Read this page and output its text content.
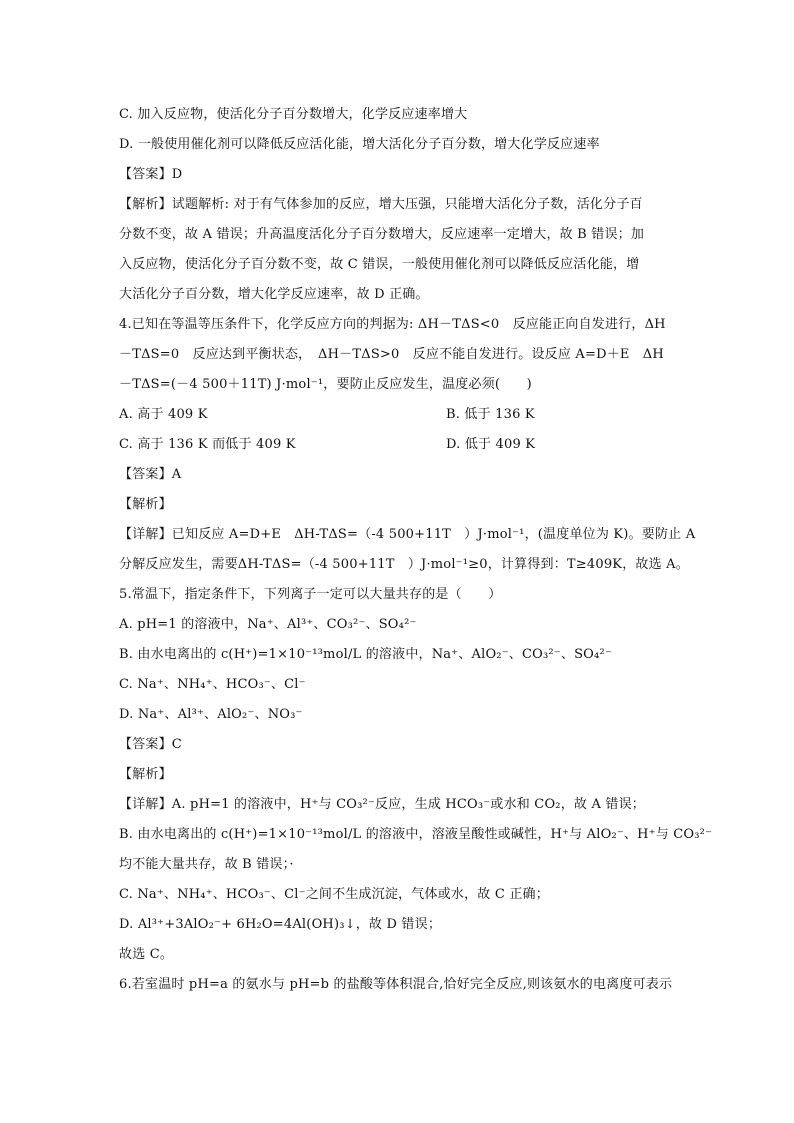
C. 加入反应物，使活化分子百分数增大，化学反应速率增大
D. 一般使用催化剂可以降低反应活化能，增大活化分子百分数，增大化学反应速率
【答案】D
【解析】试题解析: 对于有气体参加的反应，增大压强，只能增大活化分子数，活化分子百
分数不变，故 A 错误；升高温度活化分子百分数增大，反应速率一定增大，故 B 错误；加
入反应物，使活化分子百分数不变，故 C 错误，一般使用催化剂可以降低反应活化能，增
大活化分子百分数，增大化学反应速率，故 D 正确。
4.已知在等温等压条件下，化学反应方向的判据为: ΔH－TΔS<0　反应能正向自发进行，ΔH
－TΔS=0　反应达到平衡状态，　ΔH－TΔS>0　反应不能自发进行。设反应 A=D＋E　ΔH
－TΔS=(－4 500＋11T) J·mol⁻¹，要防止反应发生，温度必须(　　)
A. 高于 409 K	B. 低于 136 K
C. 高于 136 K 而低于 409 K	D. 低于 409 K
【答案】A
【解析】
【详解】已知反应 A=D+E　ΔH-TΔS=（-4 500+11T　）J·mol⁻¹，(温度单位为 K)。要防止 A
分解反应发生，需要ΔH-TΔS=（-4 500+11T　）J·mol⁻¹≥0，计算得到：T≥409K，故选 A。
5.常温下，指定条件下，下列离子一定可以大量共存的是（　　）
A. pH=1 的溶液中，Na⁺、Al³⁺、CO₃²⁻、SO₄²⁻
B. 由水电离出的 c(H⁺)=1×10⁻¹³mol/L 的溶液中，Na⁺、AlO₂⁻、CO₃²⁻、SO₄²⁻
C. Na⁺、NH₄⁺、HCO₃⁻、Cl⁻
D. Na⁺、Al³⁺、AlO₂⁻、NO₃⁻
【答案】C
【解析】
【详解】A. pH=1 的溶液中，H⁺与 CO₃²⁻反应，生成 HCO₃⁻或水和 CO₂，故 A 错误；
B. 由水电离出的 c(H⁺)=1×10⁻¹³mol/L 的溶液中，溶液呈酸性或碱性，H⁺与 AlO₂⁻、H⁺与 CO₃²⁻
均不能大量共存，故 B 错误；·
C. Na⁺、NH₄⁺、HCO₃⁻、Cl⁻之间不生成沉淀，气体或水，故 C 正确；
D. Al³⁺+3AlO₂⁻+ 6H₂O=4Al(OH)₃↓，故 D 错误；
故选 C。
6.若室温时 pH=a 的氨水与 pH=b 的盐酸等体积混合,恰好完全反应,则该氨水的电离度可表示
